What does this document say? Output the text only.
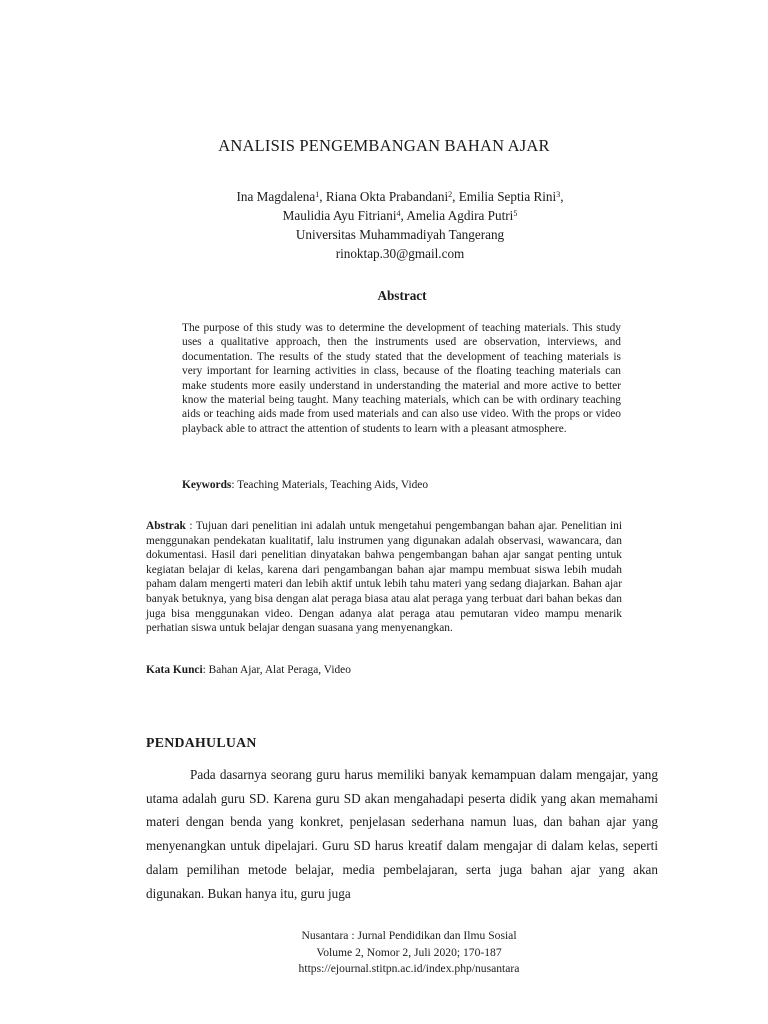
ANALISIS PENGEMBANGAN BAHAN AJAR
Ina Magdalena$^1$, Riana Okta Prabandani$^2$, Emilia Septia Rini$^3$,
Maulidia Ayu Fitriani$^4$, Amelia Agdira Putri$^5$
Universitas Muhammadiyah Tangerang
rinoktap.30@gmail.com
Abstract

The purpose of this study was to determine the development of teaching materials. This study uses a qualitative approach, then the instruments used are observation, interviews, and documentation. The results of the study stated that the development of teaching materials is very important for learning activities in class, because of the floating teaching materials can make students more easily understand in understanding the material and more active to better know the material being taught. Many teaching materials, which can be with ordinary teaching aids or teaching aids made from used materials and can also use video. With the props or video playback able to attract the attention of students to learn with a pleasant atmosphere.

Keywords: Teaching Materials, Teaching Aids, Video

Abstrak : Tujuan dari penelitian ini adalah untuk mengetahui pengembangan bahan ajar. Penelitian ini menggunakan pendekatan kualitatif, lalu instrumen yang digunakan adalah observasi, wawancara, dan dokumentasi. Hasil dari penelitian dinyatakan bahwa pengembangan bahan ajar sangat penting untuk kegiatan belajar di kelas, karena dari pengambangan bahan ajar mampu membuat siswa lebih mudah paham dalam mengerti materi dan lebih aktif untuk lebih tahu materi yang sedang diajarkan. Bahan ajar banyak betuknya, yang bisa dengan alat peraga biasa atau alat peraga yang terbuat dari bahan bekas dan juga bisa menggunakan video. Dengan adanya alat peraga atau pemutaran video mampu menarik perhatian siswa untuk belajar dengan suasana yang menyenangkan.

Kata Kunci: Bahan Ajar, Alat Peraga, Video

PENDAHULUAN

Pada dasarnya seorang guru harus memiliki banyak kemampuan dalam mengajar, yang utama adalah guru SD. Karena guru SD akan mengahadapi peserta didik yang akan memahami materi dengan benda yang konkret, penjelasan sederhana namun luas, dan bahan ajar yang menyenangkan untuk dipelajari. Guru SD harus kreatif dalam mengajar di dalam kelas, seperti dalam pemilihan metode belajar, media pembelajaran, serta juga bahan ajar yang akan digunakan. Bukan hanya itu, guru juga

Nusantara : Jurnal Pendidikan dan Ilmu Sosial
Volume 2, Nomor 2, Juli 2020; 170-187
https://ejournal.stitpn.ac.id/index.php/nusantara
